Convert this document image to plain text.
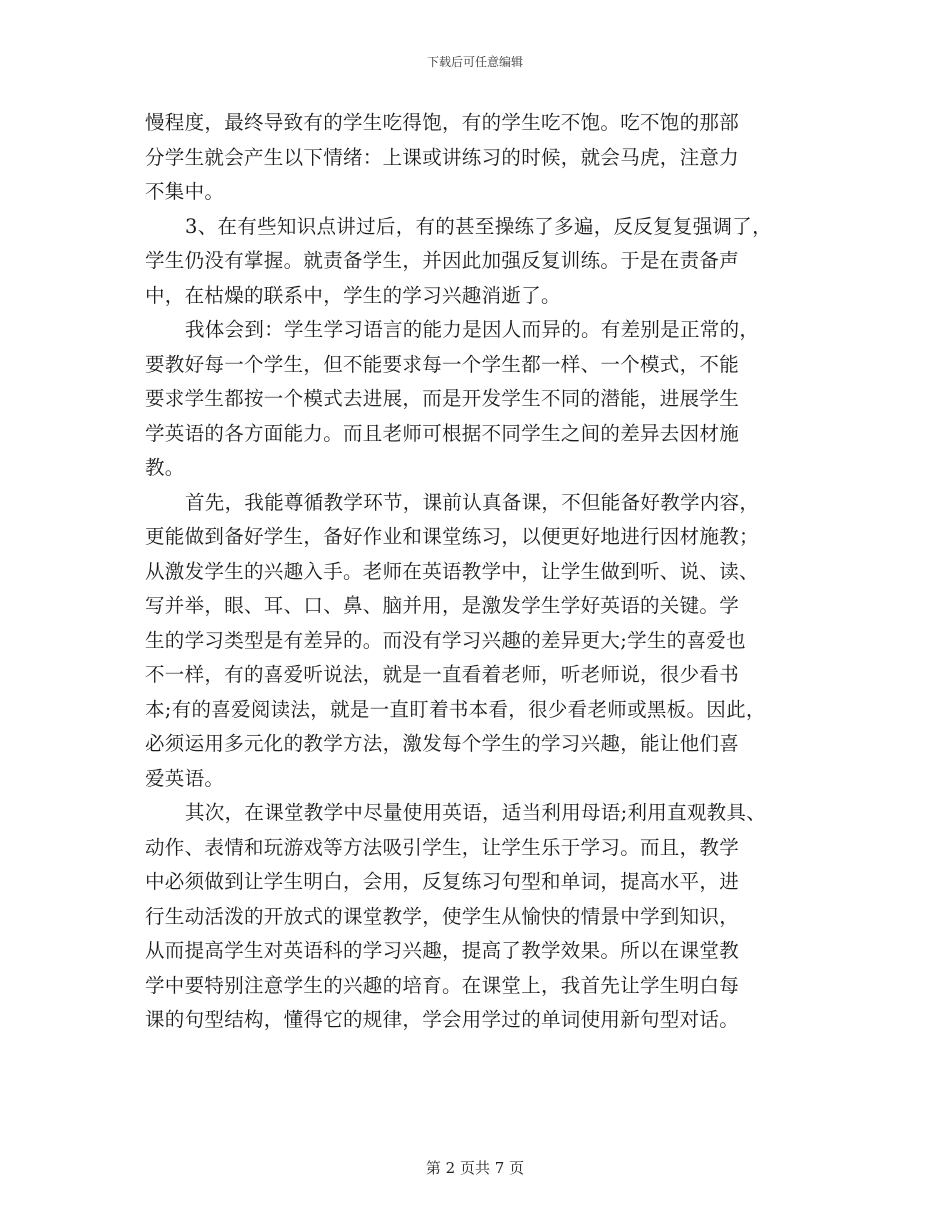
下载后可任意编辑
慢程度，最终导致有的学生吃得饱，有的学生吃不饱。吃不饱的那部
分学生就会产生以下情绪：上课或讲练习的时候，就会马虎，注意力
不集中。
3、在有些知识点讲过后，有的甚至操练了多遍，反反复复强调了，
学生仍没有掌握。就责备学生，并因此加强反复训练。于是在责备声
中，在枯燥的联系中，学生的学习兴趣消逝了。
我体会到：学生学习语言的能力是因人而异的。有差别是正常的，
要教好每一个学生，但不能要求每一个学生都一样、一个模式，不能
要求学生都按一个模式去进展，而是开发学生不同的潜能，进展学生
学英语的各方面能力。而且老师可根据不同学生之间的差异去因材施
教。
首先，我能尊循教学环节，课前认真备课，不但能备好教学内容，
更能做到备好学生，备好作业和课堂练习，以便更好地进行因材施教；
从激发学生的兴趣入手。老师在英语教学中，让学生做到听、说、读、
写并举，眼、耳、口、鼻、脑并用，是激发学生学好英语的关键。学
生的学习类型是有差异的。而没有学习兴趣的差异更大;学生的喜爱也
不一样，有的喜爱听说法，就是一直看着老师，听老师说，很少看书
本;有的喜爱阅读法，就是一直盯着书本看，很少看老师或黑板。因此，
必须运用多元化的教学方法，激发每个学生的学习兴趣，能让他们喜
爱英语。
其次，在课堂教学中尽量使用英语，适当利用母语;利用直观教具、
动作、表情和玩游戏等方法吸引学生，让学生乐于学习。而且，教学
中必须做到让学生明白，会用，反复练习句型和单词，提高水平，进
行生动活泼的开放式的课堂教学，使学生从愉快的情景中学到知识，
从而提高学生对英语科的学习兴趣，提高了教学效果。所以在课堂教
学中要特别注意学生的兴趣的培育。在课堂上，我首先让学生明白每
课的句型结构，懂得它的规律，学会用学过的单词使用新句型对话。
第 2 页共 7 页
